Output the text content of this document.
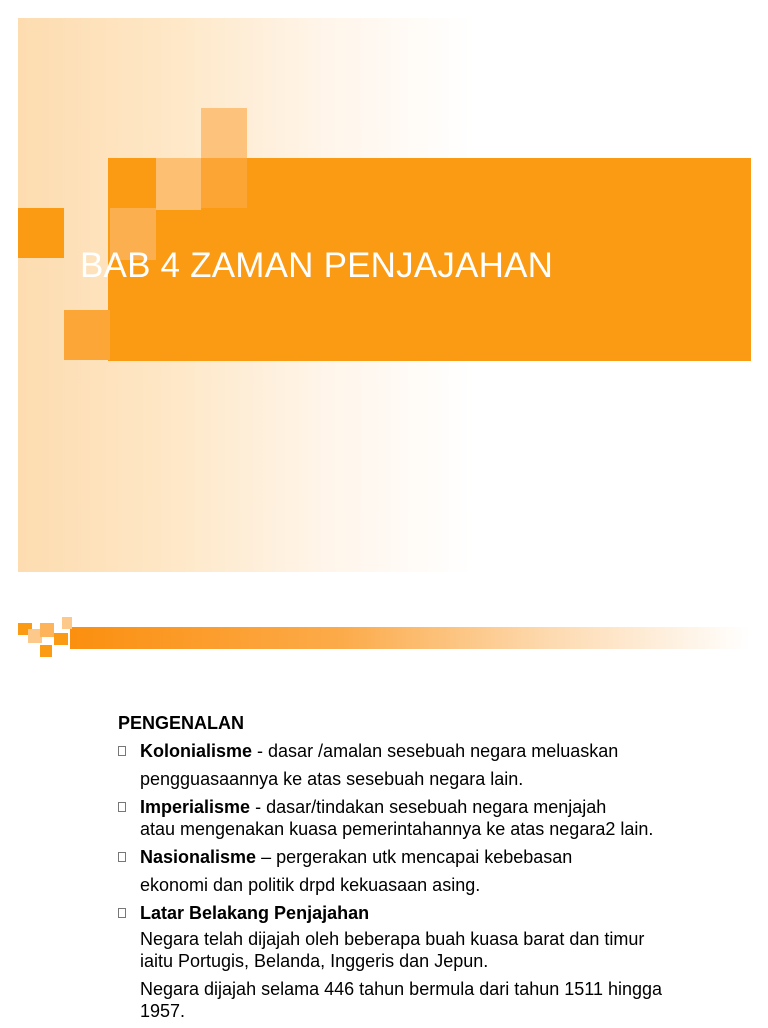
BAB 4 ZAMAN PENJAJAHAN
PENGENALAN
Kolonialisme - dasar /amalan sesebuah negara meluaskan
pengguasaannya ke atas sesebuah negara lain.
Imperialisme - dasar/tindakan sesebuah negara menjajah
atau mengenakan kuasa pemerintahannya ke atas negara2 lain.
Nasionalisme – pergerakan utk mencapai kebebasan
ekonomi dan politik drpd kekuasaan asing.
Latar Belakang Penjajahan
Negara telah dijajah oleh beberapa buah kuasa barat dan timur iaitu Portugis, Belanda, Inggeris dan Jepun.
Negara dijajah selama 446 tahun bermula dari tahun 1511 hingga 1957.
